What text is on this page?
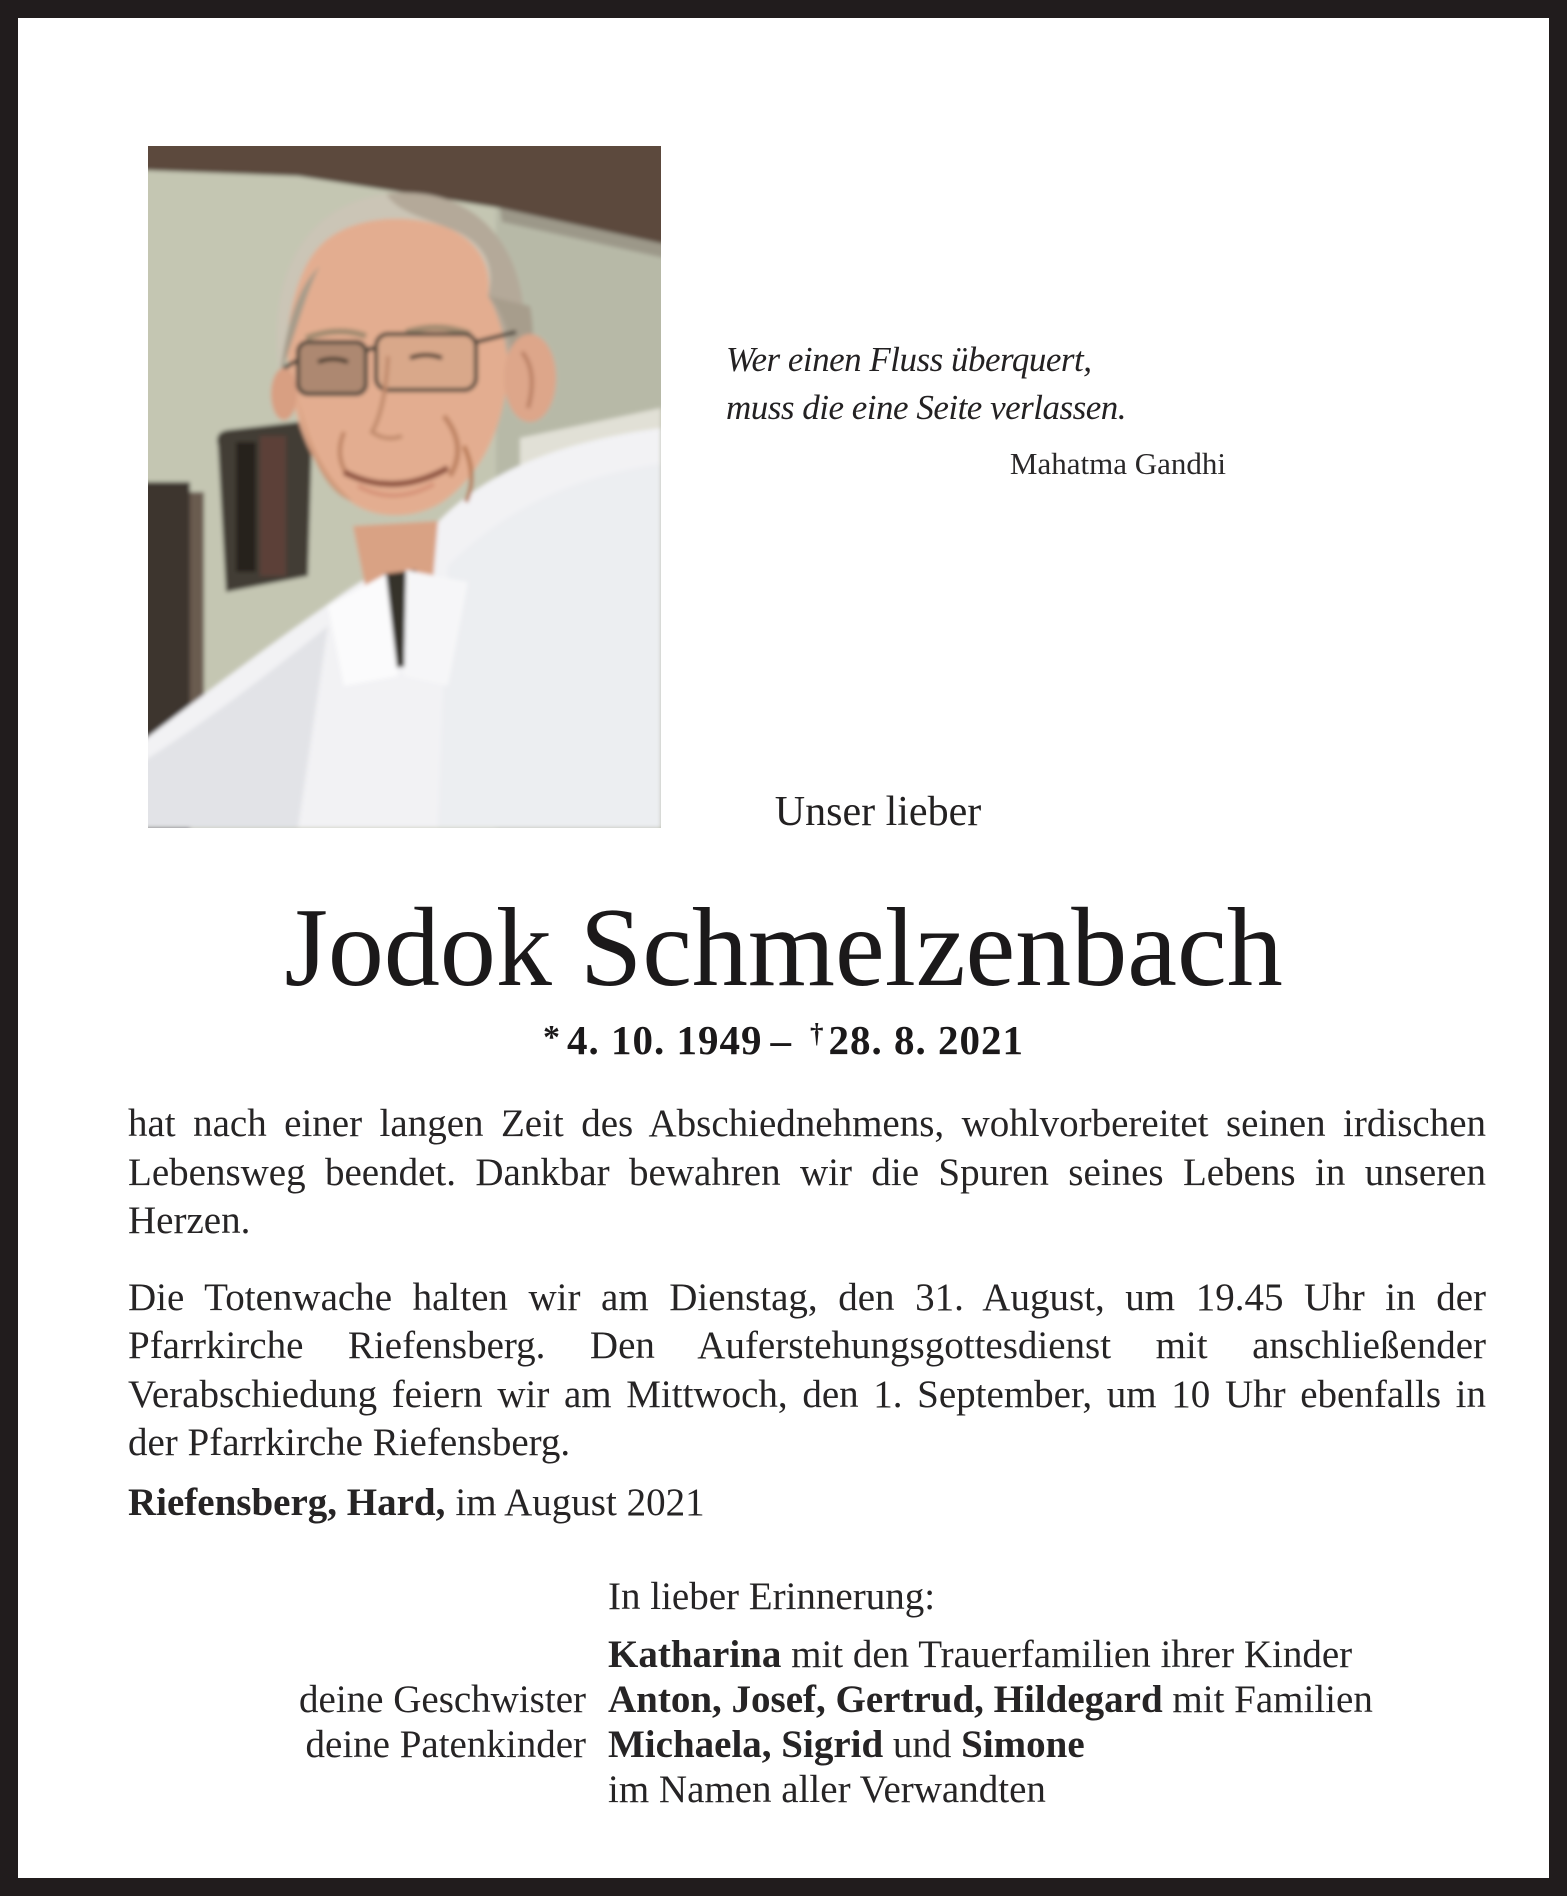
Wer einen Fluss überquert,
muss die eine Seite verlassen.
Mahatma Gandhi
Unser lieber
Jodok Schmelzenbach
* 4. 10. 1949 – †28. 8. 2021

hat nach einer langen Zeit des Abschiednehmens, wohlvorbereitet seinen irdischen Lebensweg beendet. Dankbar bewahren wir die Spuren seines Lebens in unseren Herzen.

Die Totenwache halten wir am Dienstag, den 31. August, um 19.45 Uhr in der Pfarrkirche Riefensberg. Den Auferstehungsgottesdienst mit anschließender Verabschiedung feiern wir am Mittwoch, den 1. September, um 10 Uhr ebenfalls in der Pfarrkirche Riefensberg.

Riefensberg, Hard, im August 2021
In lieber Erinnerung:
Katharina mit den Trauerfamilien ihrer Kinder
deine Geschwister Anton, Josef, Gertrud, Hildegard mit Familien
deine Patenkinder Michaela, Sigrid und Simone
im Namen aller Verwandten
